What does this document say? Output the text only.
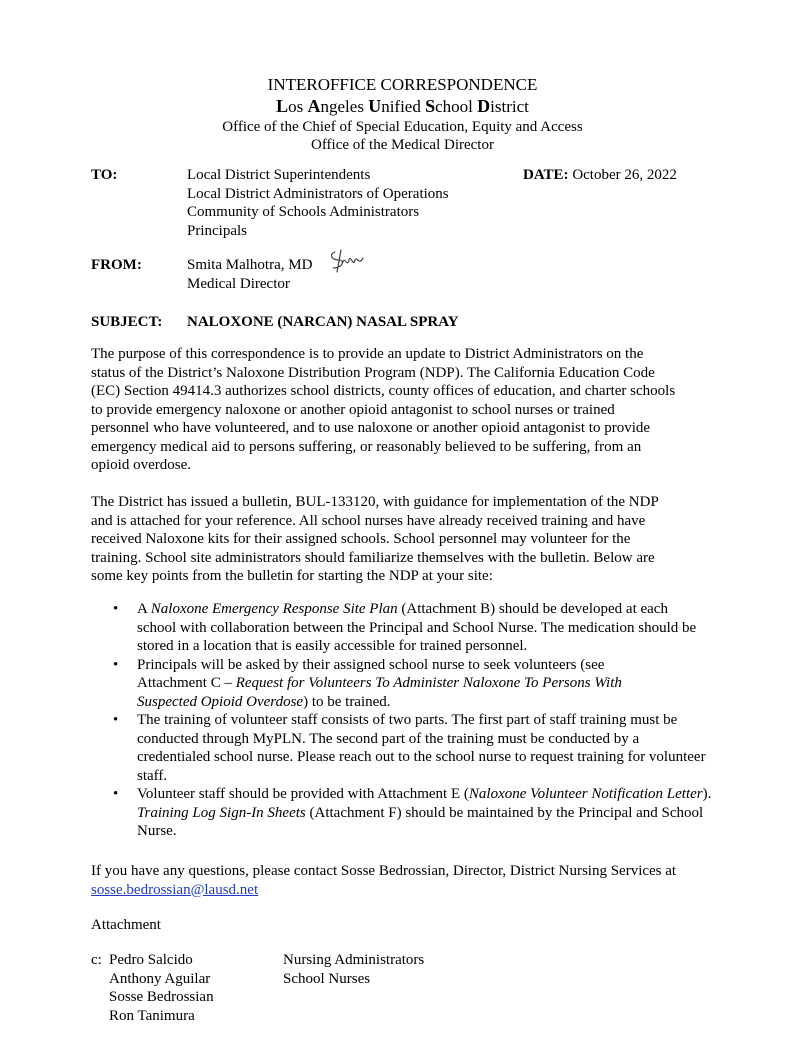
INTEROFFICE CORRESPONDENCE
Los Angeles Unified School District
Office of the Chief of Special Education, Equity and Access
Office of the Medical Director
TO:	Local District Superintendents
Local District Administrators of Operations
Community of Schools Administrators
Principals
DATE: October 26, 2022
FROM:	Smita Malhotra, MD
Medical Director
SUBJECT: NALOXONE (NARCAN) NASAL SPRAY
The purpose of this correspondence is to provide an update to District Administrators on the
status of the District’s Naloxone Distribution Program (NDP). The California Education Code
(EC) Section 49414.3 authorizes school districts, county offices of education, and charter schools
to provide emergency naloxone or another opioid antagonist to school nurses or trained
personnel who have volunteered, and to use naloxone or another opioid antagonist to provide
emergency medical aid to persons suffering, or reasonably believed to be suffering, from an
opioid overdose.
The District has issued a bulletin, BUL-133120, with guidance for implementation of the NDP
and is attached for your reference. All school nurses have already received training and have
received Naloxone kits for their assigned schools. School personnel may volunteer for the
training. School site administrators should familiarize themselves with the bulletin. Below are
some key points from the bulletin for starting the NDP at your site:
• A Naloxone Emergency Response Site Plan (Attachment B) should be developed at each school with collaboration between the Principal and School Nurse. The medication should be stored in a location that is easily accessible for trained personnel.
• Principals will be asked by their assigned school nurse to seek volunteers (see Attachment C – Request for Volunteers To Administer Naloxone To Persons With Suspected Opioid Overdose) to be trained.
• The training of volunteer staff consists of two parts. The first part of staff training must be conducted through MyPLN. The second part of the training must be conducted by a credentialed school nurse. Please reach out to the school nurse to request training for volunteer staff.
• Volunteer staff should be provided with Attachment E (Naloxone Volunteer Notification Letter). Training Log Sign-In Sheets (Attachment F) should be maintained by the Principal and School Nurse.
If you have any questions, please contact Sosse Bedrossian, Director, District Nursing Services at
sosse.bedrossian@lausd.net
Attachment
c: Pedro Salcido
Anthony Aguilar
Sosse Bedrossian
Ron Tanimura
Nursing Administrators
School Nurses
